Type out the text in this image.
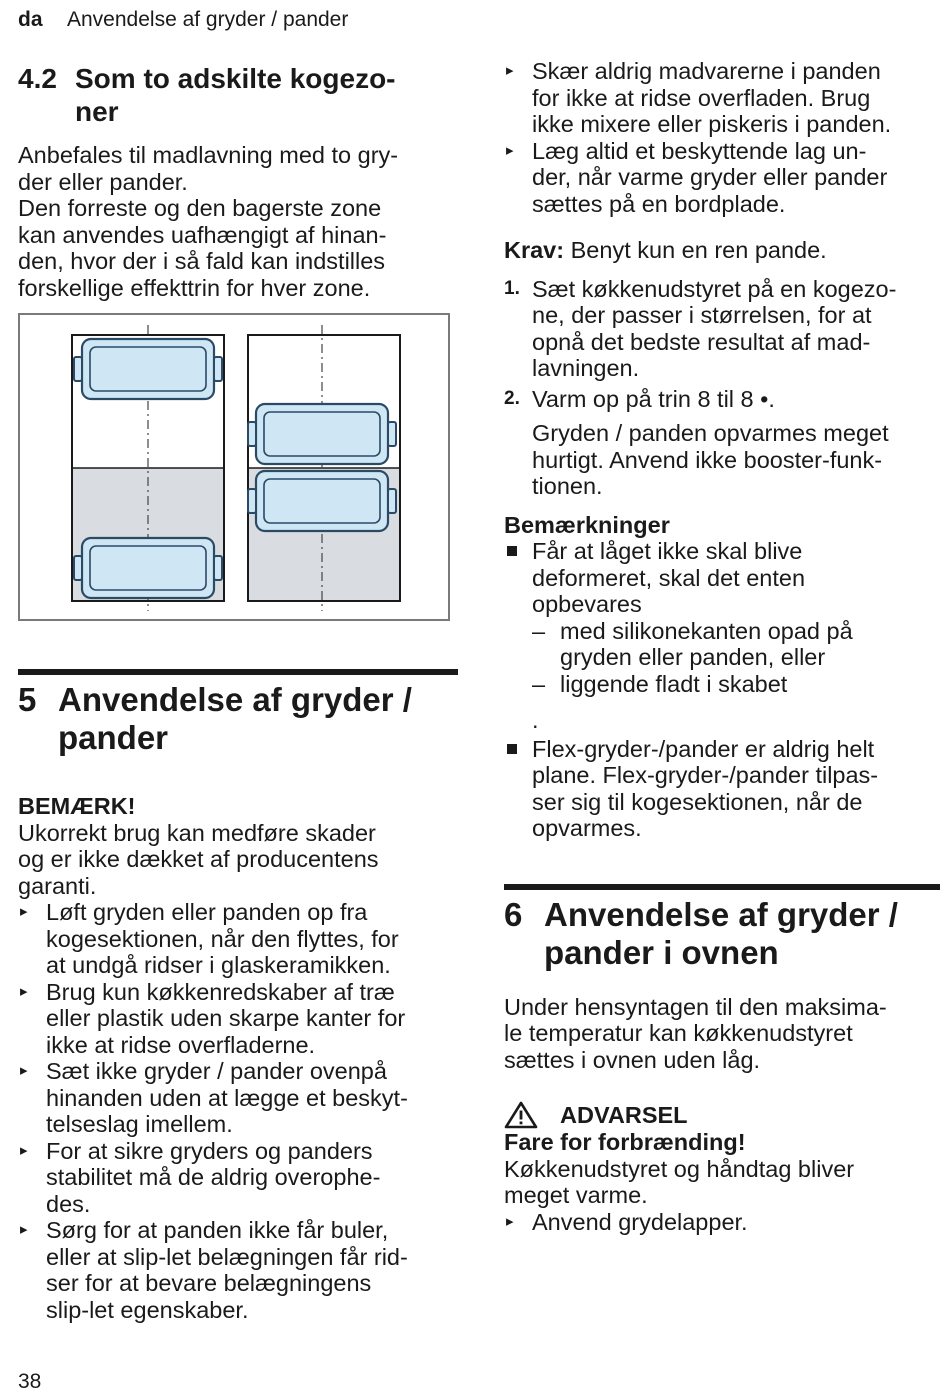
da Anvendelse af gryder / pander
4.2 Som to adskilte kogezo-
ner
Anbefales til madlavning med to gry-
der eller pander.
Den forreste og den bagerste zone
kan anvendes uafhængigt af hinan-
den, hvor der i så fald kan indstilles
forskellige effekttrin for hver zone.
5 Anvendelse af gryder /
pander
BEMÆRK!
Ukorrekt brug kan medføre skader
og er ikke dækket af producentens
garanti.
▸ Løft gryden eller panden op fra
kogesektionen, når den flyttes, for
at undgå ridser i glaskeramikken.
▸ Brug kun køkkenredskaber af træ
eller plastik uden skarpe kanter for
ikke at ridse overfladerne.
▸ Sæt ikke gryder / pander ovenpå
hinanden uden at lægge et beskyt-
telseslag imellem.
▸ For at sikre gryders og panders
stabilitet må de aldrig overophe-
des.
▸ Sørg for at panden ikke får buler,
eller at slip-let belægningen får rid-
ser for at bevare belægningens
slip-let egenskaber.
▸ Skær aldrig madvarerne i panden
for ikke at ridse overfladen. Brug
ikke mixere eller piskeris i panden.
▸ Læg altid et beskyttende lag un-
der, når varme gryder eller pander
sættes på en bordplade.
Krav: Benyt kun en ren pande.
1. Sæt køkkenudstyret på en kogezo-
ne, der passer i størrelsen, for at
opnå det bedste resultat af mad-
lavningen.
2. Varm op på trin 8 til 8 •.
Gryden / panden opvarmes meget
hurtigt. Anvend ikke booster-funk-
tionen.
Bemærkninger
Får at låget ikke skal blive
deformeret, skal det enten
opbevares
– med silikonekanten opad på
gryden eller panden, eller
– liggende fladt i skabet
.
Flex-gryder-/pander er aldrig helt
plane. Flex-gryder-/pander tilpas-
ser sig til kogesektionen, når de
opvarmes.
6 Anvendelse af gryder /
pander i ovnen
Under hensyntagen til den maksima-
le temperatur kan køkkenudstyret
sættes i ovnen uden låg.
ADVARSEL
Fare for forbrænding!
Køkkenudstyret og håndtag bliver
meget varme.
▸ Anvend grydelapper.
38
